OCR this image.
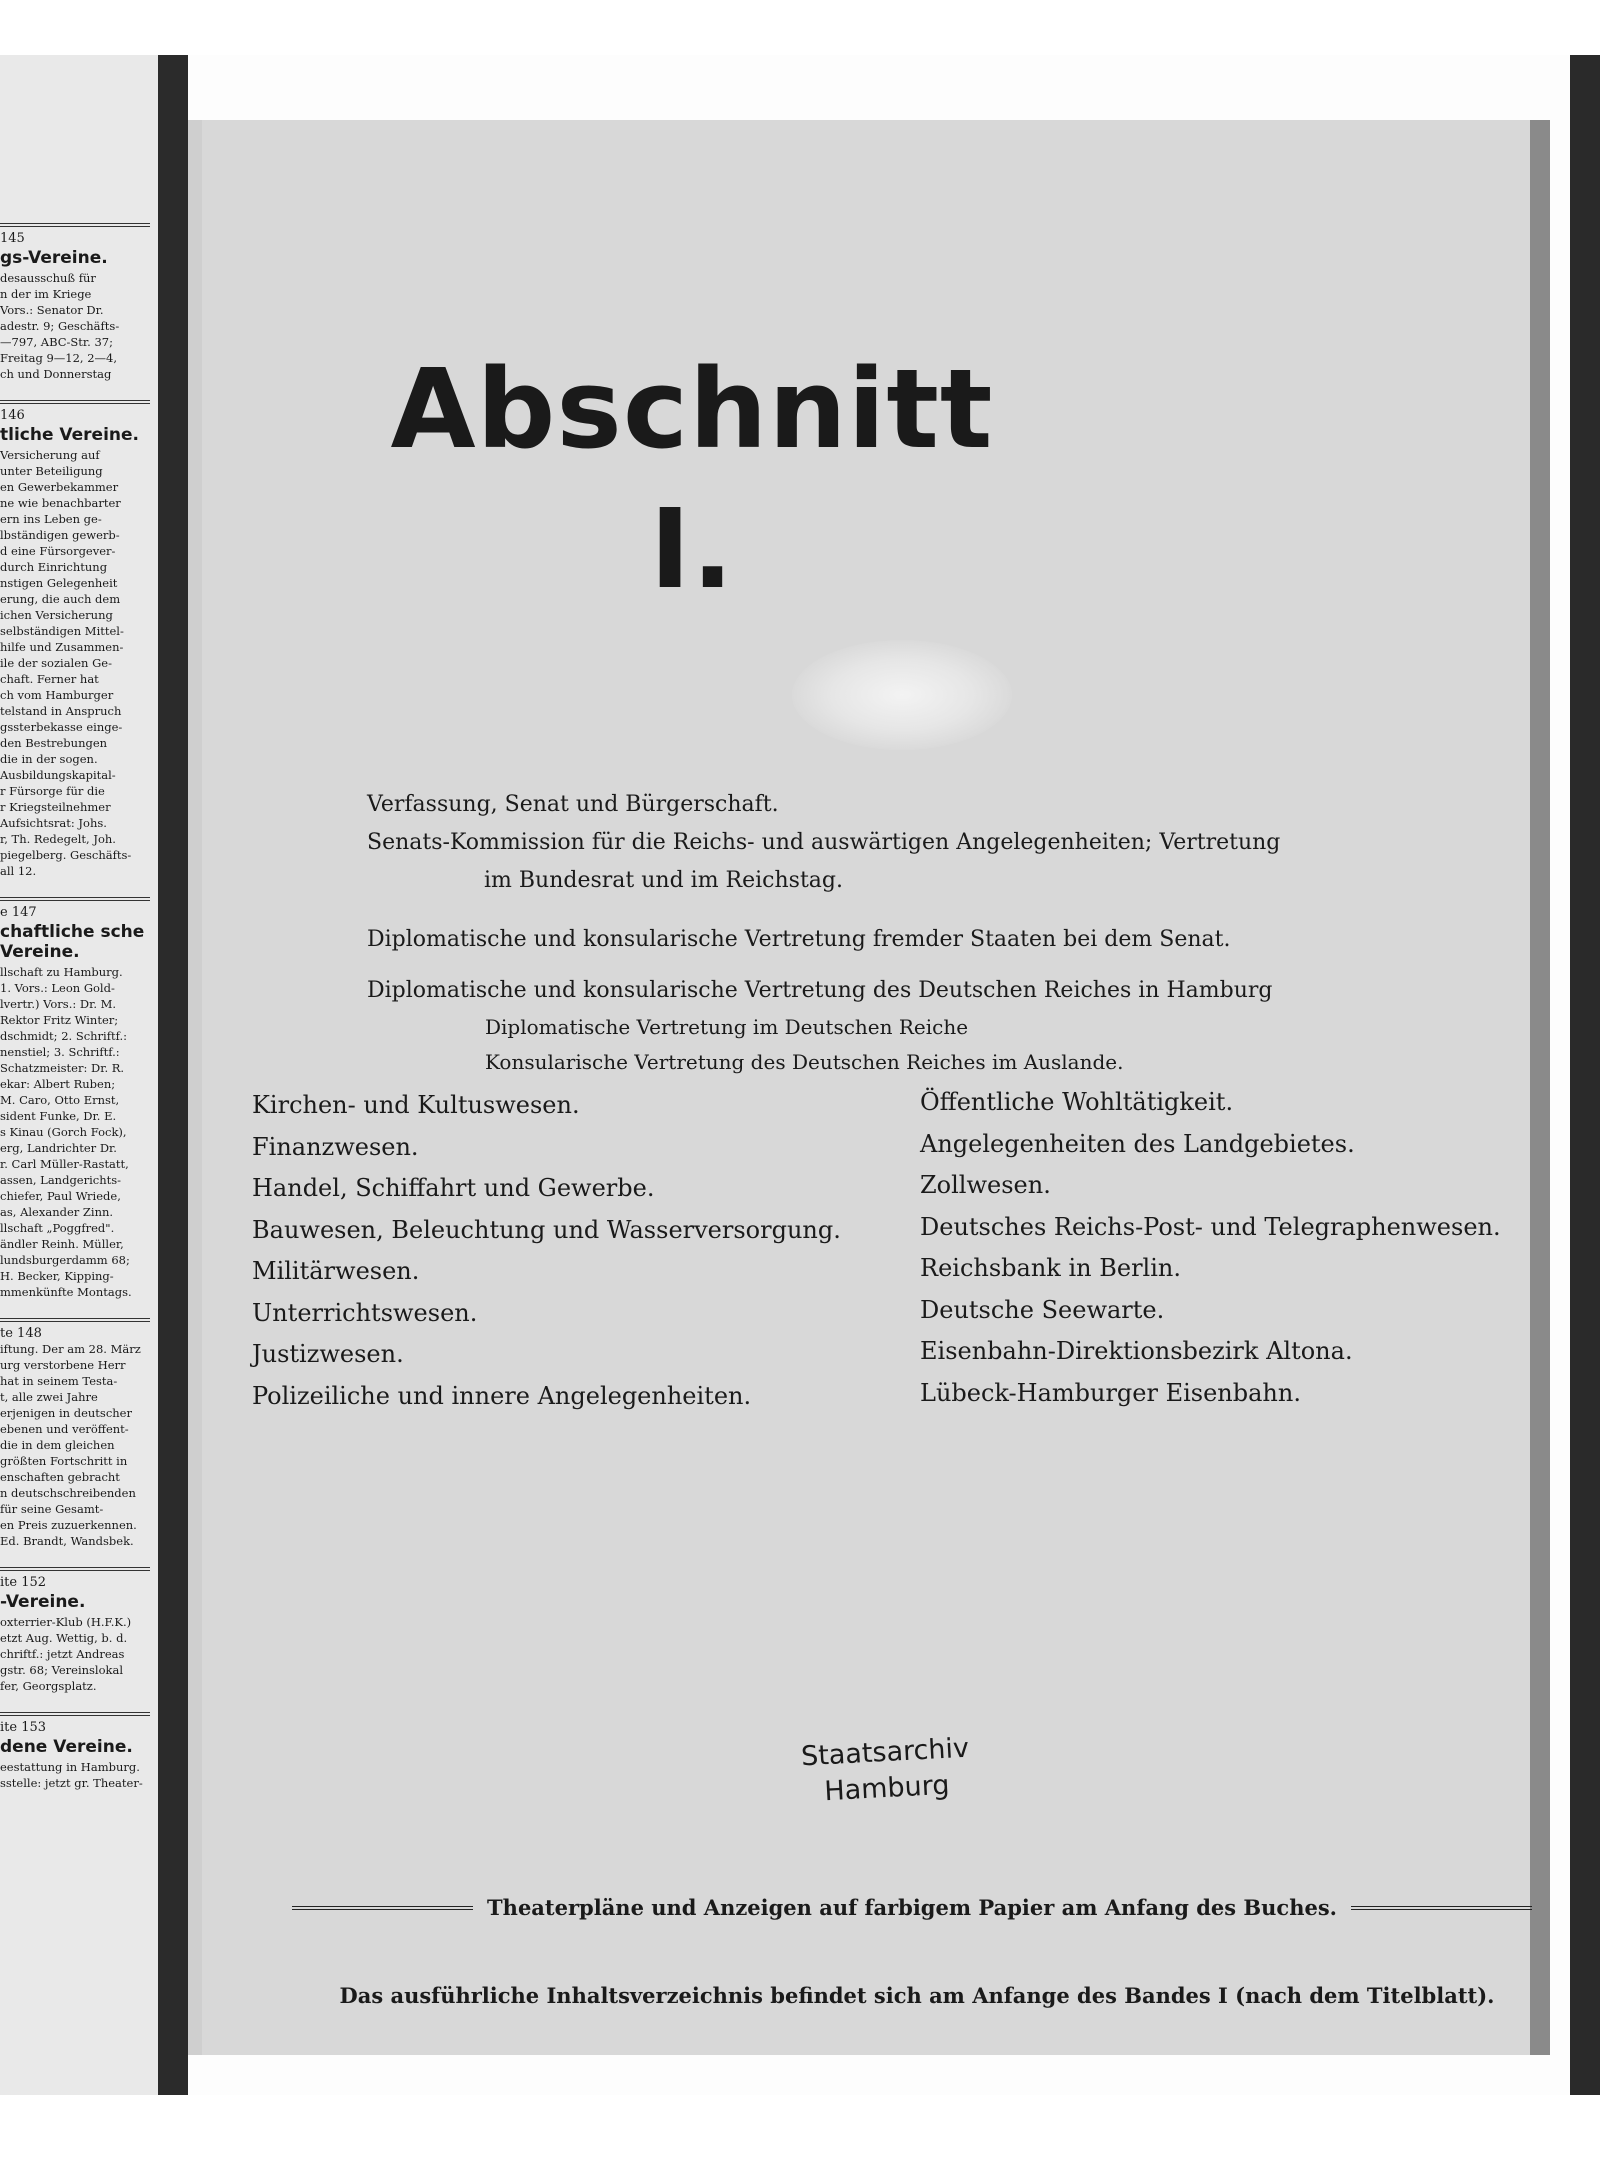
145
gs-Vereine.
desausschuß für
n der im Kriege
Vors.: Senator Dr.
adestr. 9; Geschäfts-
—797, ABC-Str. 37;
Freitag 9—12, 2—4,
ch und Donnerstag
146
tliche Vereine.
Versicherung auf
unter Beteiligung
en Gewerbekammer
ne wie benachbarter
ern ins Leben ge-
lbständigen gewerb-
d eine Fürsorgever-
durch Einrichtung
nstigen Gelegenheit
erung, die auch dem
ichen Versicherung
selbständigen Mittel-
hilfe und Zusammen-
ile der sozialen Ge-
chaft. Ferner hat
ch vom Hamburger
telstand in Anspruch
gssterbekasse einge-
den Bestrebungen
die in der sogen.
Ausbildungskapital-
r Fürsorge für die
r Kriegsteilnehmer
Aufsichtsrat: Johs.
r, Th. Redegelt, Joh.
piegelberg. Geschäfts-
all 12.
e 147
chaftliche sche Vereine.
llschaft zu Hamburg.
1. Vors.: Leon Gold-
lvertr.) Vors.: Dr. M.
Rektor Fritz Winter;
dschmidt; 2. Schriftf.:
nenstiel; 3. Schriftf.:
Schatzmeister: Dr. R.
ekar: Albert Ruben;
M. Caro, Otto Ernst,
sident Funke, Dr. E.
s Kinau (Gorch Fock),
erg, Landrichter Dr.
r. Carl Müller-Rastatt,
assen, Landgerichts-
chiefer, Paul Wriede,
as, Alexander Zinn.
llschaft „Poggfred".
ändler Reinh. Müller,
lundsburgerdamm 68;
H. Becker, Kipping-
mmenkünfte Montags.
te 148
iftung. Der am 28. März
urg verstorbene Herr
hat in seinem Testa-
t, alle zwei Jahre
erjenigen in deutscher
ebenen und veröffent-
die in dem gleichen
größten Fortschritt in
enschaften gebracht
n deutschschreibenden
für seine Gesamt-
en Preis zuzuerkennen.
Ed. Brandt, Wandsbek.
ite 152
-Vereine.
oxterrier-Klub (H.F.K.)
etzt Aug. Wettig, b. d.
chriftf.: jetzt Andreas
gstr. 68; Vereinslokal
fer, Georgsplatz.
ite 153
dene Vereine.
eestattung in Hamburg.
sstelle: jetzt gr. Theater-
Abschnitt
I.
Verfassung, Senat und Bürgerschaft.
Senats-Kommission für die Reichs- und auswärtigen Angelegenheiten; Vertretung
im Bundesrat und im Reichstag.
Diplomatische und konsularische Vertretung fremder Staaten bei dem Senat.
Diplomatische und konsularische Vertretung des Deutschen Reiches in Hamburg
Diplomatische Vertretung im Deutschen Reiche
Konsularische Vertretung des Deutschen Reiches im Auslande.
Kirchen- und Kultuswesen.
Finanzwesen.
Handel, Schiffahrt und Gewerbe.
Bauwesen, Beleuchtung und Wasserversorgung.
Militärwesen.
Unterrichtswesen.
Justizwesen.
Polizeiliche und innere Angelegenheiten.
Öffentliche Wohltätigkeit.
Angelegenheiten des Landgebietes.
Zollwesen.
Deutsches Reichs-Post- und Telegraphenwesen.
Reichsbank in Berlin.
Deutsche Seewarte.
Eisenbahn-Direktionsbezirk Altona.
Lübeck-Hamburger Eisenbahn.
Staatsarchiv
Hamburg
Theaterpläne und Anzeigen auf farbigem Papier am Anfang des Buches.
Das ausführliche Inhaltsverzeichnis befindet sich am Anfange des Bandes I (nach dem Titelblatt).
